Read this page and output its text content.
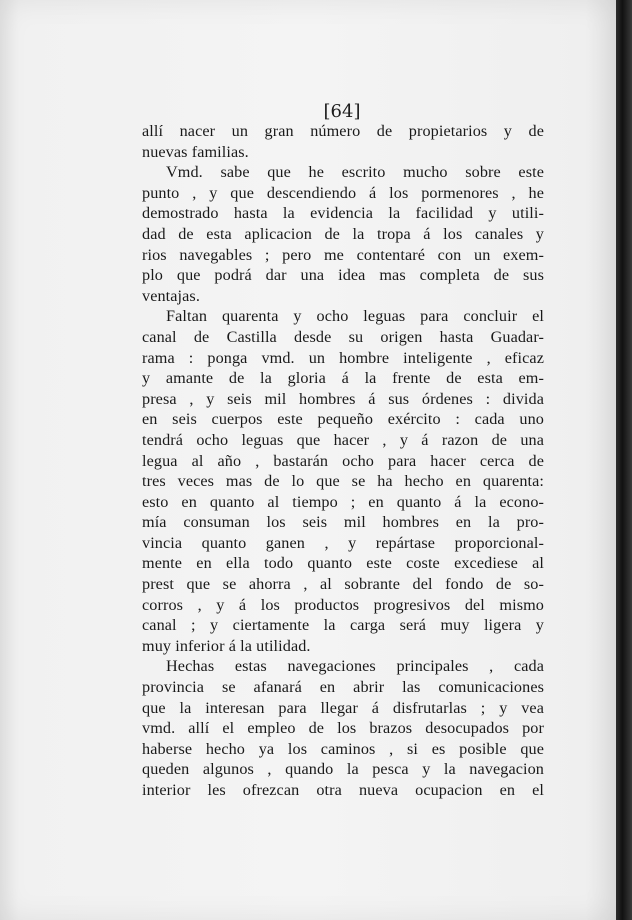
[64]
allí nacer un gran número de propietarios y de
nuevas familias.
Vmd. sabe que he escrito mucho sobre este
punto , y que descendiendo á los pormenores , he
demostrado hasta la evidencia la facilidad y utili-
dad de esta aplicacion de la tropa á los canales y
rios navegables ; pero me contentaré con un exem-
plo que podrá dar una idea mas completa de sus
ventajas.
Faltan quarenta y ocho leguas para concluir el
canal de Castilla desde su origen hasta Guadar-
rama : ponga vmd. un hombre inteligente , eficaz
y amante de la gloria á la frente de esta em-
presa , y seis mil hombres á sus órdenes : divida
en seis cuerpos este pequeño exército : cada uno
tendrá ocho leguas que hacer , y á razon de una
legua al año , bastarán ocho para hacer cerca de
tres veces mas de lo que se ha hecho en quarenta:
esto en quanto al tiempo ; en quanto á la econo-
mía consuman los seis mil hombres en la pro-
vincia quanto ganen , y repártase proporcional-
mente en ella todo quanto este coste excediese al
prest que se ahorra , al sobrante del fondo de so-
corros , y á los productos progresivos del mismo
canal ; y ciertamente la carga será muy ligera y
muy inferior á la utilidad.
Hechas estas navegaciones principales , cada
provincia se afanará en abrir las comunicaciones
que la interesan para llegar á disfrutarlas ; y vea
vmd. allí el empleo de los brazos desocupados por
haberse hecho ya los caminos , si es posible que
queden algunos , quando la pesca y la navegacion
interior les ofrezcan otra nueva ocupacion en el
